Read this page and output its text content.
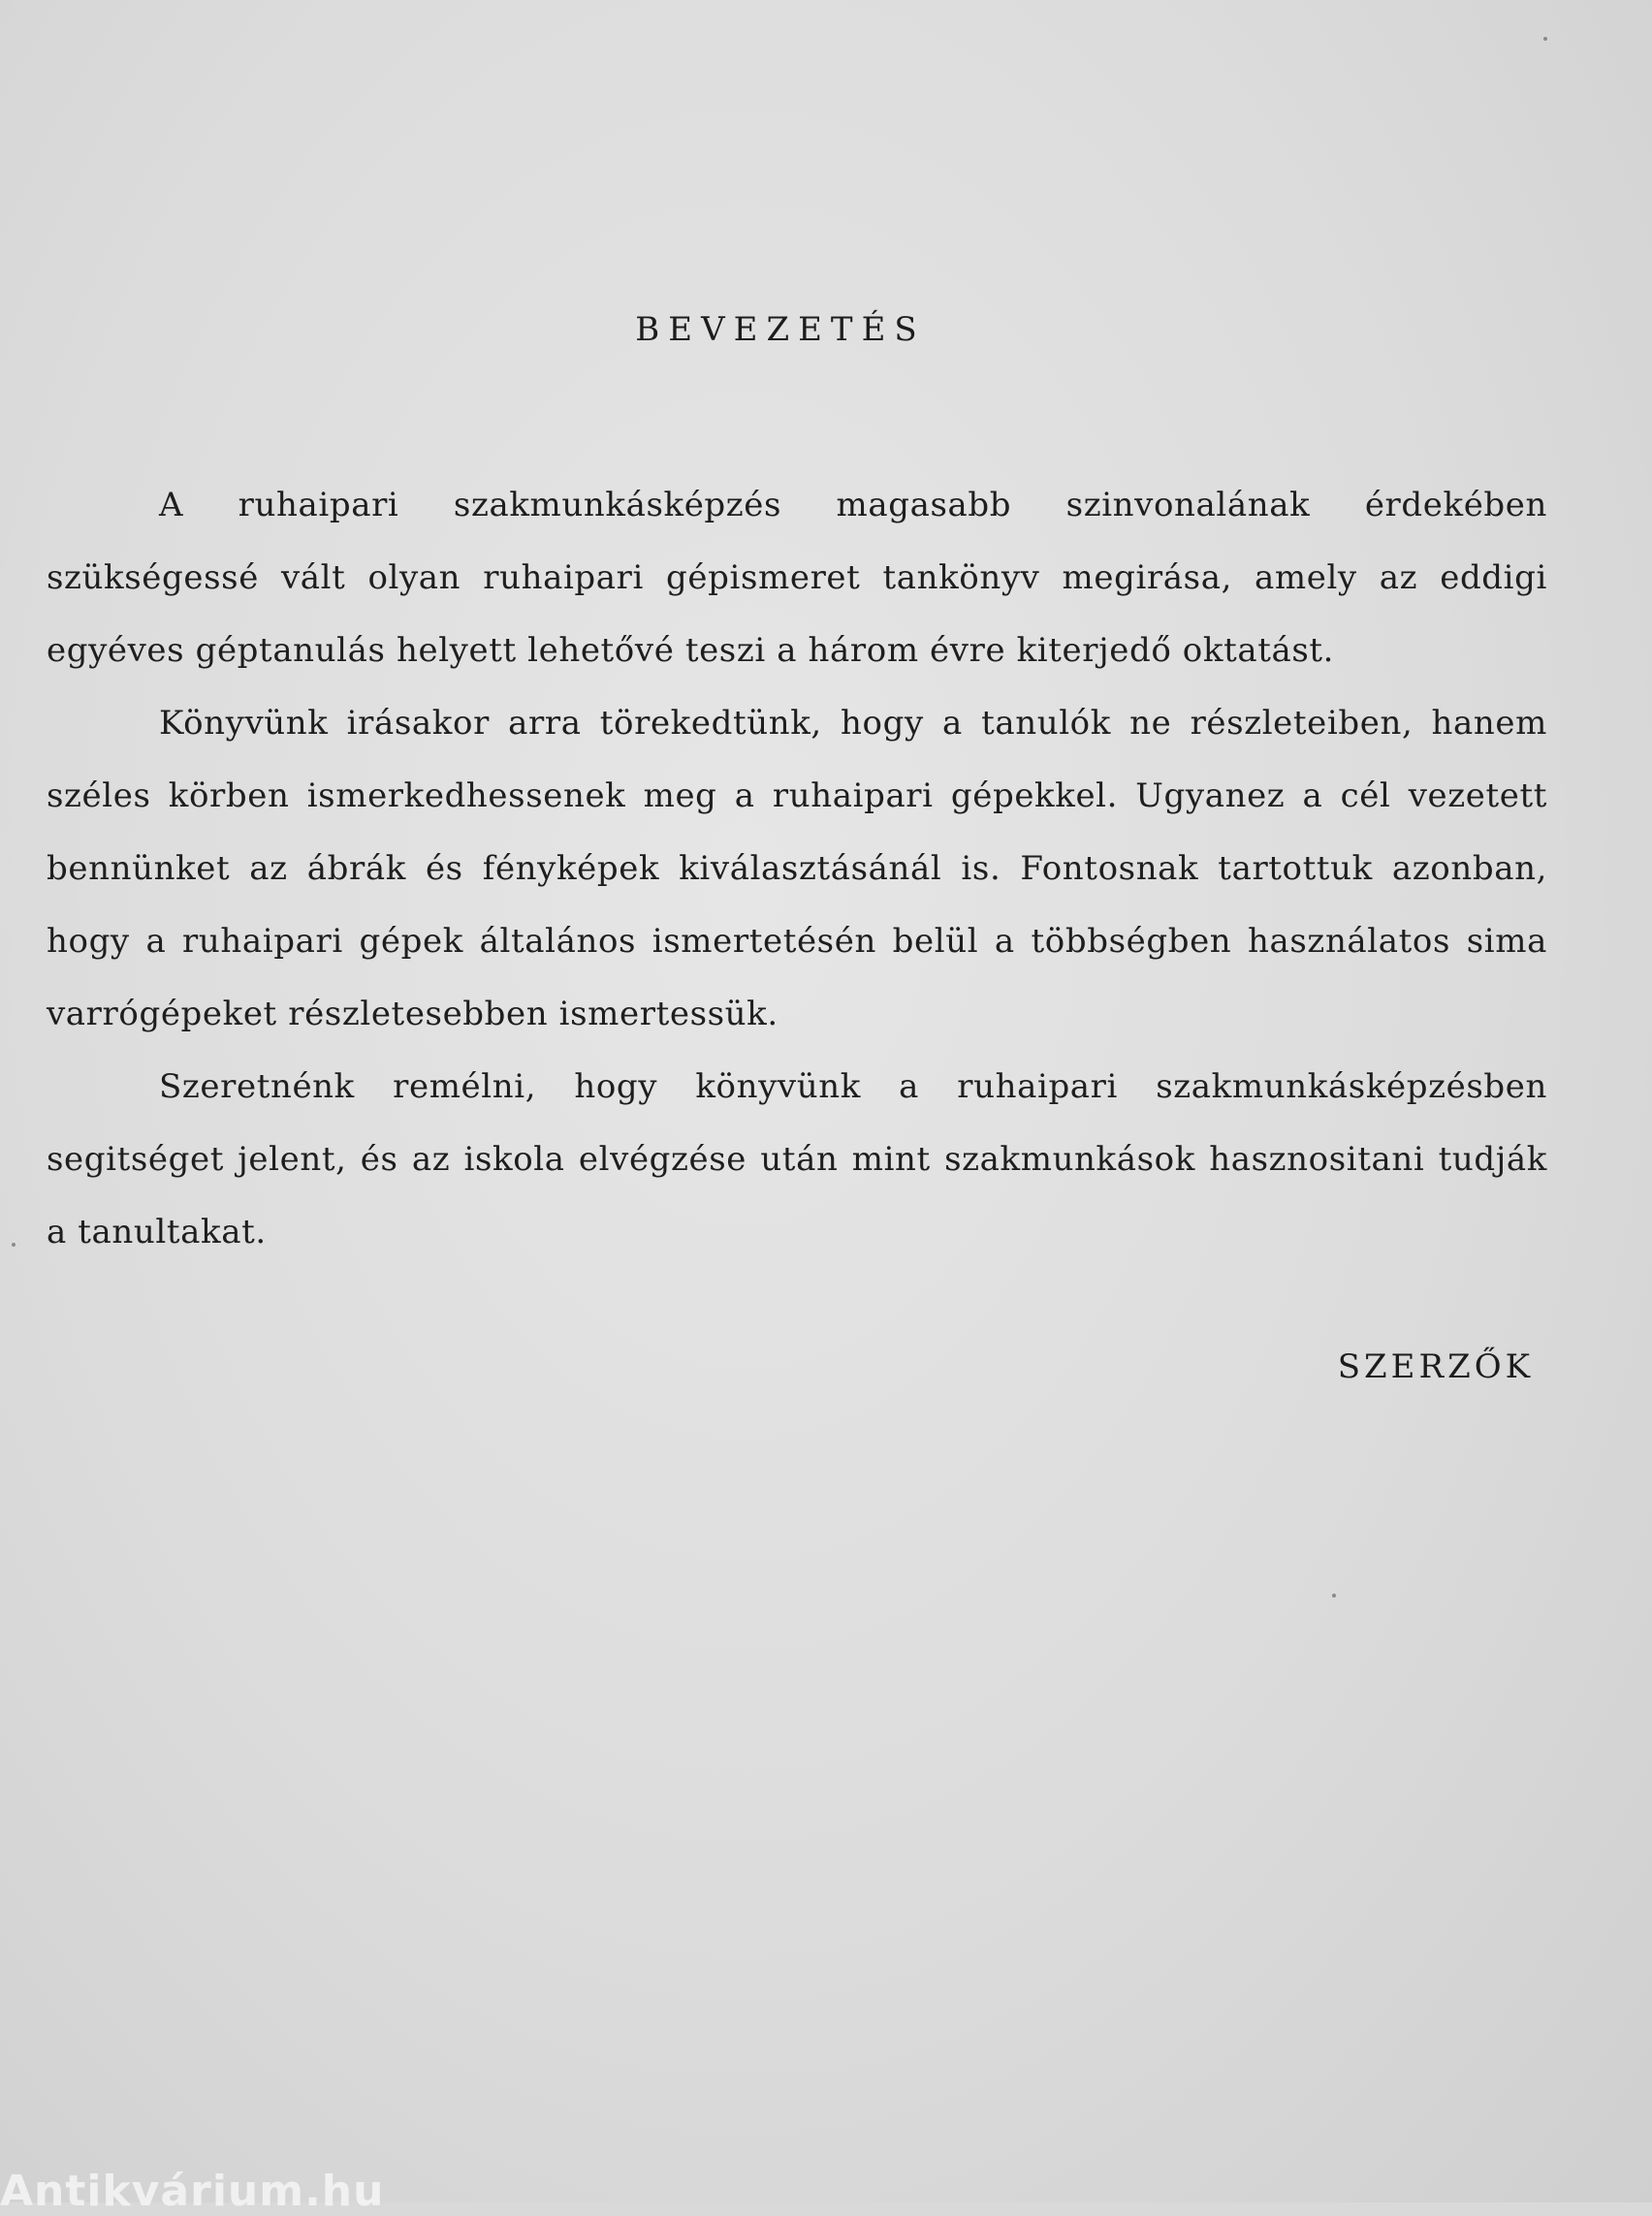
BEVEZETÉS

A ruhaipari szakmunkásképzés magasabb szinvonalának érdekében szükségessé vált olyan ruhaipari gépismeret tankönyv megirása, amely az eddigi egyéves géptanulás helyett lehetővé teszi a három évre kiterjedő oktatást.

Könyvünk irásakor arra törekedtünk, hogy a tanulók ne részleteiben, hanem széles körben ismerkedhessenek meg a ruhaipari gépekkel. Ugyanez a cél vezetett bennünket az ábrák és fényképek kiválasztásánál is. Fontosnak tartottuk azonban, hogy a ruhaipari gépek általános ismertetésén belül a többségben használatos sima varrógépeket részletesebben ismertessük.

Szeretnénk remélni, hogy könyvünk a ruhaipari szakmunkásképzésben segitséget jelent, és az iskola elvégzése után mint szakmunkások hasznositani tudják a tanultakat.

SZERZŐK
Antikvárium.hu
